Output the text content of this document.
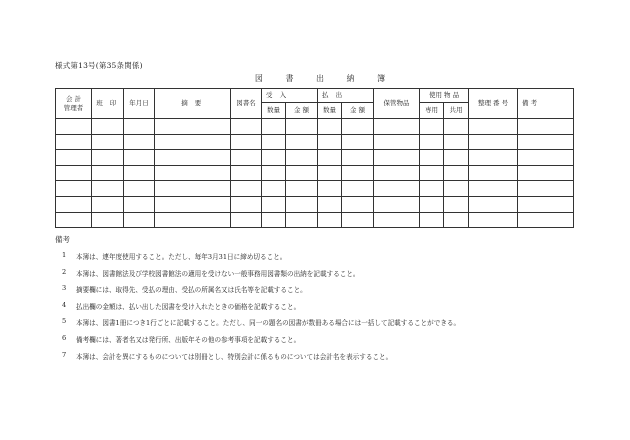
様式第13号(第35条関係)
図 書 出 納 簿
会 計
管理者	班 印	年月日	摘 要	図書名	受 入		払 出		保管物品	使用 物 品		整理 番 号	備 考

					数量	金 額	数量	金 額		専用	共用		

備考
1	本簿は、連年度使用すること。ただし、毎年3月31日に締め切ること。
2	本簿は、図書館法及び学校図書館法の適用を受けない一般事務用図書類の出納を記載すること。
3	摘要欄には、取得先、受払の理由、受払の所属名又は氏名等を記載すること。
4	払出欄の金額は、払い出した図書を受け入れたときの価格を記載すること。
5	本簿は、図書1冊につき1行ごとに記載すること。ただし、同一の題名の図書が数冊ある場合には一括して記載することができる。
6	備考欄には、著者名又は発行所、出版年その他の参考事項を記載すること。
7	本簿は、会計を異にするものについては別冊とし、特別会計に係るものについては会計名を表示すること。
